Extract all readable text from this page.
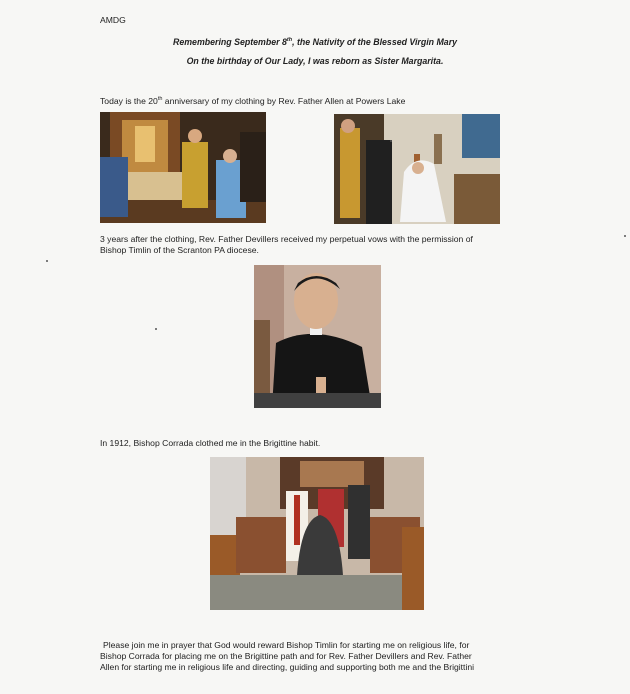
AMDG
Remembering September 8th, the Nativity of the Blessed Virgin Mary
On the birthday of Our Lady, I was reborn as Sister Margarita.
Today is the 20th anniversary of my clothing by Rev. Father Allen at Powers Lake
3 years after the clothing, Rev. Father Devillers received my perpetual vows with the permission of
Bishop Timlin of the Scranton PA diocese.
In 1912, Bishop Corrada clothed me in the Brigittine habit.
Please join me in prayer that God would reward Bishop Timlin for starting me on religious life, for
Bishop Corrada for placing me on the Brigittine path and for Rev. Father Devillers and Rev. Father
Allen for starting me in religious life and directing, guiding and supporting both me and the Brigittini
